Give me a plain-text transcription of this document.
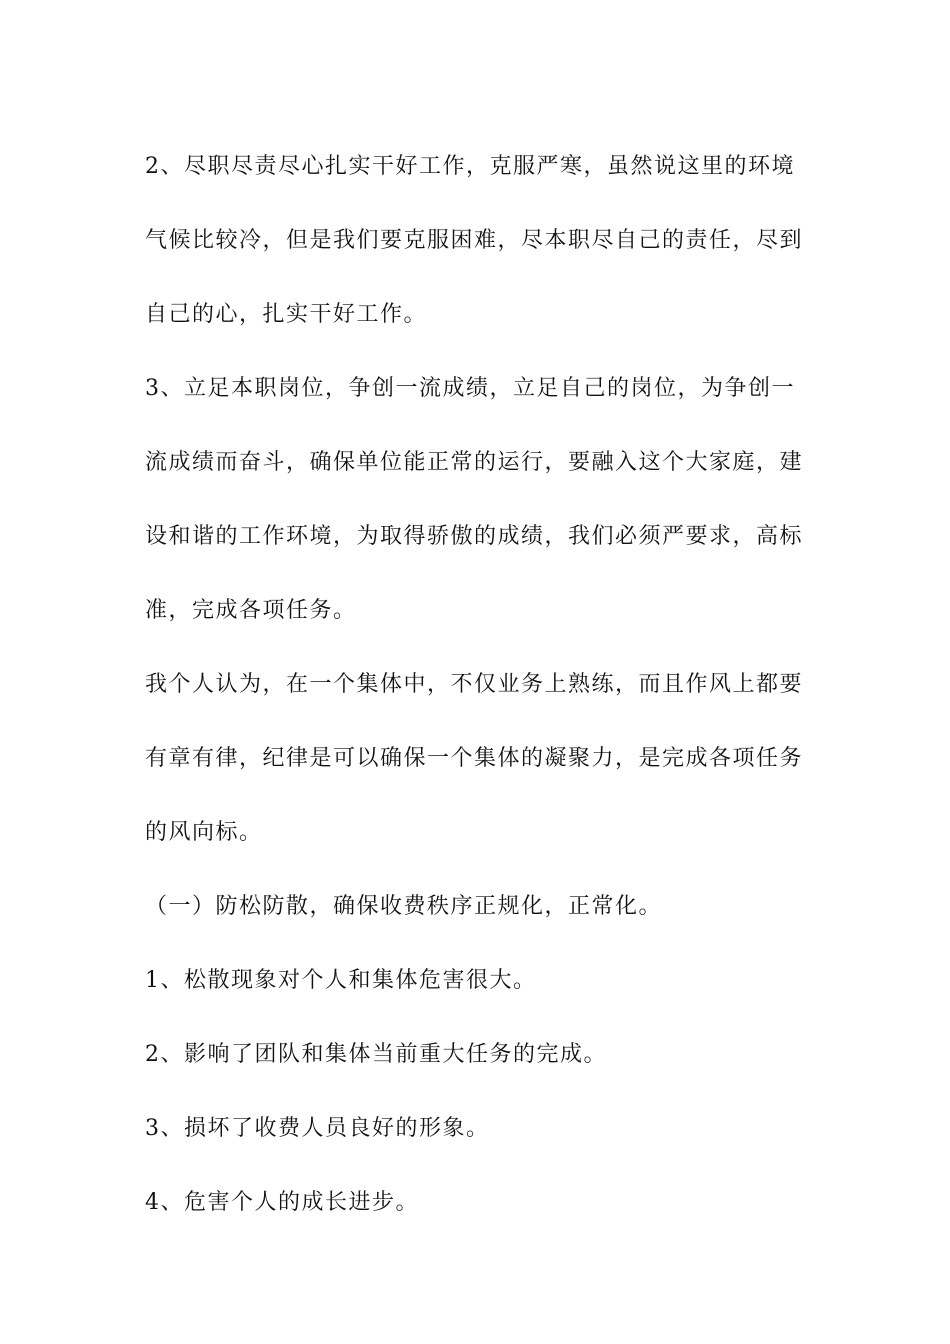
2、尽职尽责尽心扎实干好工作，克服严寒，虽然说这里的环境气候比较冷，但是我们要克服困难，尽本职尽自己的责任，尽到自己的心，扎实干好工作。

3、立足本职岗位，争创一流成绩，立足自己的岗位，为争创一流成绩而奋斗，确保单位能正常的运行，要融入这个大家庭，建设和谐的工作环境，为取得骄傲的成绩，我们必须严要求，高标准，完成各项任务。

我个人认为，在一个集体中，不仅业务上熟练，而且作风上都要有章有律，纪律是可以确保一个集体的凝聚力，是完成各项任务的风向标。

（一）防松防散，确保收费秩序正规化，正常化。

1、松散现象对个人和集体危害很大。

2、影响了团队和集体当前重大任务的完成。

3、损坏了收费人员良好的形象。

4、危害个人的成长进步。
